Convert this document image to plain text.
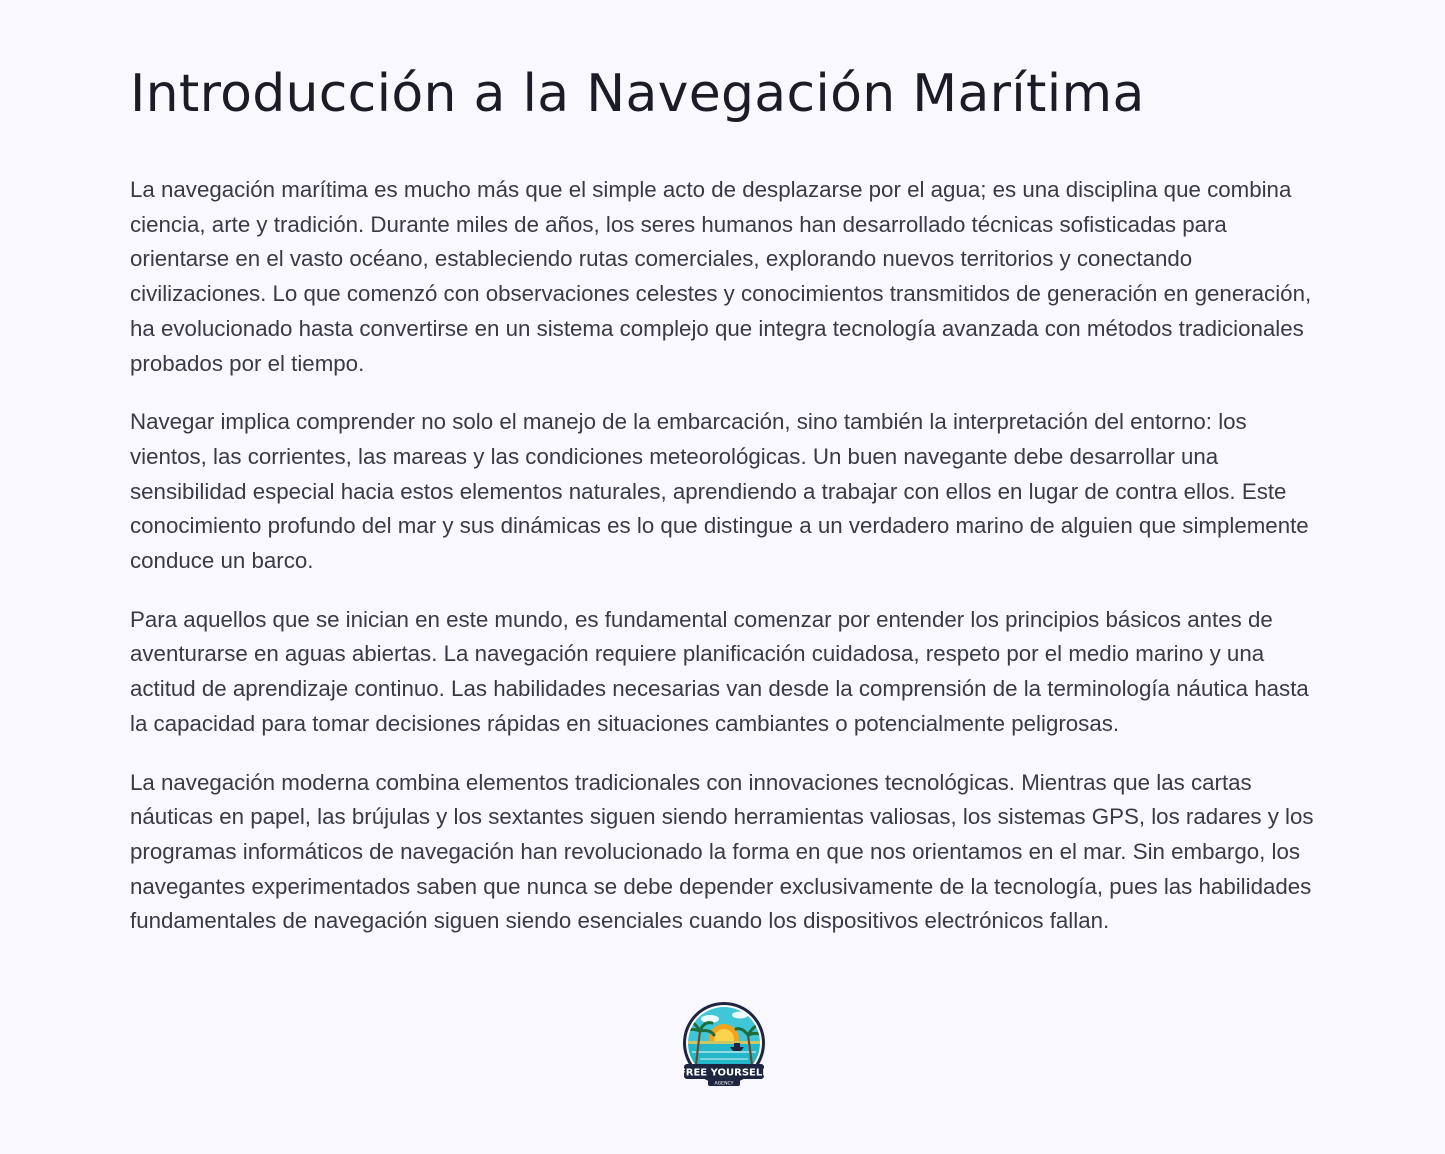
Introducción a la Navegación Marítima

La navegación marítima es mucho más que el simple acto de desplazarse por el agua; es una disciplina que combina ciencia, arte y tradición. Durante miles de años, los seres humanos han desarrollado técnicas sofisticadas para orientarse en el vasto océano, estableciendo rutas comerciales, explorando nuevos territorios y conectando civilizaciones. Lo que comenzó con observaciones celestes y conocimientos transmitidos de generación en generación, ha evolucionado hasta convertirse en un sistema complejo que integra tecnología avanzada con métodos tradicionales probados por el tiempo.

Navegar implica comprender no solo el manejo de la embarcación, sino también la interpretación del entorno: los vientos, las corrientes, las mareas y las condiciones meteorológicas. Un buen navegante debe desarrollar una sensibilidad especial hacia estos elementos naturales, aprendiendo a trabajar con ellos en lugar de contra ellos. Este conocimiento profundo del mar y sus dinámicas es lo que distingue a un verdadero marino de alguien que simplemente conduce un barco.

Para aquellos que se inician en este mundo, es fundamental comenzar por entender los principios básicos antes de aventurarse en aguas abiertas. La navegación requiere planificación cuidadosa, respeto por el medio marino y una actitud de aprendizaje continuo. Las habilidades necesarias van desde la comprensión de la terminología náutica hasta la capacidad para tomar decisiones rápidas en situaciones cambiantes o potencialmente peligrosas.

La navegación moderna combina elementos tradicionales con innovaciones tecnológicas. Mientras que las cartas náuticas en papel, las brújulas y los sextantes siguen siendo herramientas valiosas, los sistemas GPS, los radares y los programas informáticos de navegación han revolucionado la forma en que nos orientamos en el mar. Sin embargo, los navegantes experimentados saben que nunca se debe depender exclusivamente de la tecnología, pues las habilidades fundamentales de navegación siguen siendo esenciales cuando los dispositivos electrónicos fallan.

FREE YOURSELF
AGENCY
